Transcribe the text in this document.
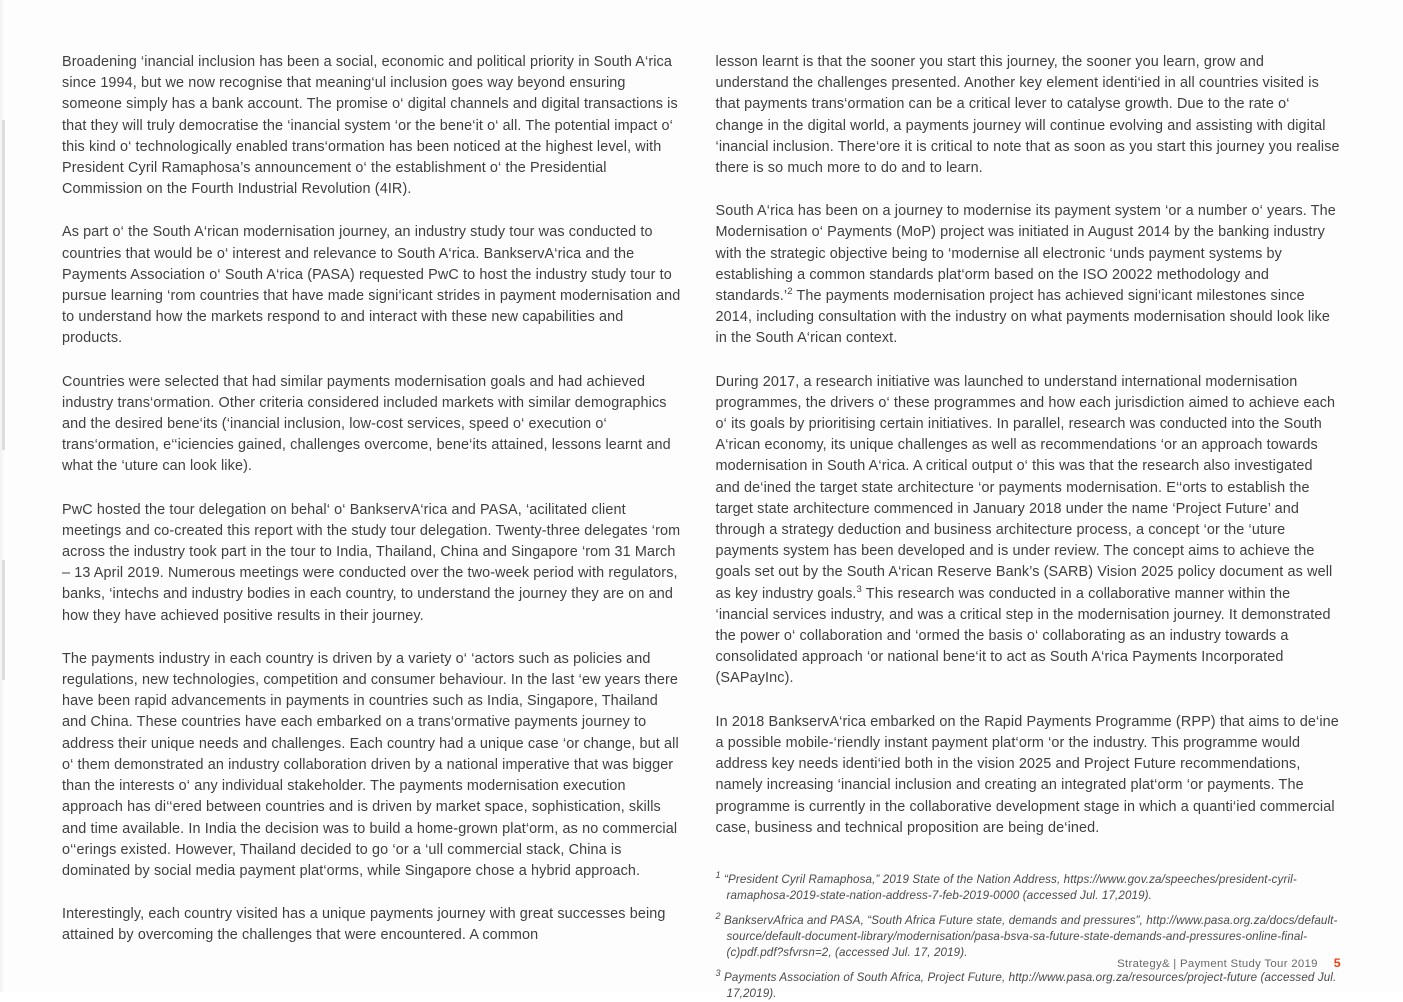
Broadening ‘inancial inclusion has been a social, economic and political priority in South A‘rica since 1994, but we now recognise that meaning‘ul inclusion goes way beyond ensuring someone simply has a bank account. The promise o‘ digital channels and digital transactions is that they will truly democratise the ‘inancial system ‘or the bene‘it o‘ all. The potential impact o‘ this kind o‘ technologically enabled trans‘ormation has been noticed at the highest level, with President Cyril Ramaphosa’s announcement o‘ the establishment o‘ the Presidential Commission on the Fourth Industrial Revolution (4IR).

As part o‘ the South A‘rican modernisation journey, an industry study tour was conducted to countries that would be o‘ interest and relevance to South A‘rica. BankservA‘rica and the Payments Association o‘ South A‘rica (PASA) requested PwC to host the industry study tour to pursue learning ‘rom countries that have made signi‘icant strides in payment modernisation and to understand how the markets respond to and interact with these new capabilities and products.

Countries were selected that had similar payments modernisation goals and had achieved industry trans‘ormation. Other criteria considered included markets with similar demographics and the desired bene‘its (‘inancial inclusion, low-cost services, speed o‘ execution o‘ trans‘ormation, e‘‘iciencies gained, challenges overcome, bene‘its attained, lessons learnt and what the ‘uture can look like).

PwC hosted the tour delegation on behal‘ o‘ BankservA‘rica and PASA, ‘acilitated client meetings and co-created this report with the study tour delegation. Twenty-three delegates ‘rom across the industry took part in the tour to India, Thailand, China and Singapore ‘rom 31 March – 13 April 2019. Numerous meetings were conducted over the two-week period with regulators, banks, ‘intechs and industry bodies in each country, to understand the journey they are on and how they have achieved positive results in their journey.

The payments industry in each country is driven by a variety o‘ ‘actors such as policies and regulations, new technologies, competition and consumer behaviour. In the last ‘ew years there have been rapid advancements in payments in countries such as India, Singapore, Thailand and China. These countries have each embarked on a trans‘ormative payments journey to address their unique needs and challenges. Each country had a unique case ‘or change, but all o‘ them demonstrated an industry collaboration driven by a national imperative that was bigger than the interests o‘ any individual stakeholder. The payments modernisation execution approach has di‘‘ered between countries and is driven by market space, sophistication, skills and time available. In India the decision was to build a home-grown plat‘orm, as no commercial o‘‘erings existed. However, Thailand decided to go ‘or a ‘ull commercial stack, China is dominated by social media payment plat‘orms, while Singapore chose a hybrid approach.

Interestingly, each country visited has a unique payments journey with great successes being attained by overcoming the challenges that were encountered. A common

lesson learnt is that the sooner you start this journey, the sooner you learn, grow and understand the challenges presented. Another key element identi‘ied in all countries visited is that payments trans‘ormation can be a critical lever to catalyse growth. Due to the rate o‘ change in the digital world, a payments journey will continue evolving and assisting with digital ‘inancial inclusion. There‘ore it is critical to note that as soon as you start this journey you realise there is so much more to do and to learn.

South A‘rica has been on a journey to modernise its payment system ‘or a number o‘ years. The Modernisation o‘ Payments (MoP) project was initiated in August 2014 by the banking industry with the strategic objective being to ‘modernise all electronic ‘unds payment systems by establishing a common standards plat‘orm based on the ISO 20022 methodology and standards.’$^2$ The payments modernisation project has achieved signi‘icant milestones since 2014, including consultation with the industry on what payments modernisation should look like in the South A‘rican context.

During 2017, a research initiative was launched to understand international modernisation programmes, the drivers o‘ these programmes and how each jurisdiction aimed to achieve each o‘ its goals by prioritising certain initiatives. In parallel, research was conducted into the South A‘rican economy, its unique challenges as well as recommendations ‘or an approach towards modernisation in South A‘rica. A critical output o‘ this was that the research also investigated and de‘ined the target state architecture ‘or payments modernisation. E‘‘orts to establish the target state architecture commenced in January 2018 under the name ‘Project Future’ and through a strategy deduction and business architecture process, a concept ‘or the ‘uture payments system has been developed and is under review. The concept aims to achieve the goals set out by the South A‘rican Reserve Bank’s (SARB) Vision 2025 policy document as well as key industry goals.$^3$ This research was conducted in a collaborative manner within the ‘inancial services industry, and was a critical step in the modernisation journey. It demonstrated the power o‘ collaboration and ‘ormed the basis o‘ collaborating as an industry towards a consolidated approach ‘or national bene‘it to act as South A‘rica Payments Incorporated (SAPayInc).

In 2018 BankservA‘rica embarked on the Rapid Payments Programme (RPP) that aims to de‘ine a possible mobile-‘riendly instant payment plat‘orm ‘or the industry. This programme would address key needs identi‘ied both in the vision 2025 and Project Future recommendations, namely increasing ‘inancial inclusion and creating an integrated plat‘orm ‘or payments. The programme is currently in the collaborative development stage in which a quanti‘ied commercial case, business and technical proposition are being de‘ined.

$^1$ “President Cyril Ramaphosa,” 2019 State of the Nation Address, https://www.gov.za/speeches/president-cyril-ramaphosa-2019-state-nation-address-7-feb-2019-0000 (accessed Jul. 17,2019).

$^2$ BankservAfrica and PASA, “South Africa Future state, demands and pressures”, http://www.pasa.org.za/docs/default-source/default-document-library/modernisation/pasa-bsva-sa-future-state-demands-and-pressures-online-final-(c)pdf.pdf?sfvrsn=2, (accessed Jul. 17, 2019).

$^3$ Payments Association of South Africa, Project Future, http://www.pasa.org.za/resources/project-future (accessed Jul. 17,2019).

Strategy& | Payment Study Tour 2019 5
